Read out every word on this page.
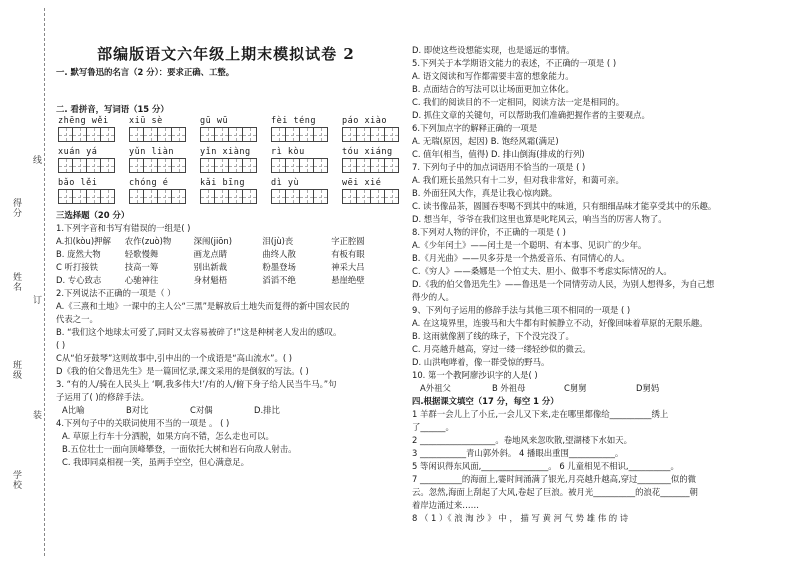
学校
班级
姓名
得分
线
订
装
部编版语文六年级上期末模拟试卷 2
一. 默写鲁迅的名言（2 分）：要求正确、工整。
二. 看拼音，写词语（15 分）
zhēng wěi	xiū sè	gū wū	fèi téng	páo xiào
xuán yá	yǔn liàn	yǐn xiàng	rì kòu	tóu xiáng
bǎo lěi	chóng é	kǎi bīng	dì yù	wēi xié
三选择题（20 分）
1.下列字音和书写有错误的一组是( )
A.扣(kòu)押解	农作(zuò)物	深闱(jiōn)	泪(jù)丧	字正腔圆
B. 庞然大物	轻歌慢舞	画龙点睛	曲终人散	有板有眼
C 听打接铁	技高一筹	别出新裁	粉墨登场	神采大吕
D. 专心致志	心驰神往	身材魁梧	滔滔不绝	悬崖绝壁
2.下列说法不正确的一项是（ ）
A.《三熹和土地》一课中的主人公“三黑”是解放后土地失而复得的新中国农民的
代表之一。
B. “我们这个地球太可爱了,同时又太容易被碎了!”这是种树老人发出的感叹。
( )
C从“伯牙鼓琴”这则故事中,引申出的一个成语是“高山流水”。( )
D《我的伯父鲁迅先生》是一篇回忆录,课文采用的是倒叙的写法。( )
3. “有的人/骑在人民头上 ‘啊,我多伟大!’/有的人/俯下身子给人民当牛马。”句
子运用了( )的修辞手法。
A比喻	B对比	C对偶	D.排比
4.下列句子中的关联词使用不当的一项是 。 ( )
A. 草原上行车十分洒脱，如果方向不错，怎么走也可以。
B.五位壮士一面向顶峰攀登，一面依托大树和岩石向敌人射击。
C. 我即同桌相视一笑，虽两手空空，但心满意足。
D. 即使这些设想能实现，也是遥远的事情。
5.下列关于本学期语文能力的表述，不正确的一项是 ( )
A. 语文阅读和写作都需要丰富的想象能力。
B. 点面结合的写法可以让场面更加立体化。
C. 我们的阅读目的不一定相同，阅读方法一定是相同的。
D. 抓住文章的关键句，可以帮助我们准确把握作者的主要观点。
6.下列加点字的解释正确的一项是
A. 无瑞(原因，起因) B. 饱经风霜(满足)
C. 值年(相当，值得) D. 排山倒海(排成的行列)
7. 下列句子中的加点词语用不恰当的一项是 ( )
A. 我们班长虽然只有十二岁，但对我非常好，和蔼可亲。
B. 外面狂风大作，真是让我心惊肉跳。
C. 读书像品茶，圆圆吞枣喝不到其中的味道，只有细细品味才能享受其中的乐趣。
D. 想当年，爷爷在我们这里也算是叱咤风云，响当当的厉害人物了。
8.下列对人物的评价，不正确的一项是 ( )
A.《少年闰土》——闰土是一个聪明、有本事、见识广的少年。
B.《月光曲》——贝多芬是一个热爱音乐、有同情心的人。
C.《穷人》——桑娜是一个怕丈夫、胆小、做事不考虑实际情况的人。
D.《我的伯父鲁迅先生》——鲁迅是一个同情劳动人民，为别人想得多，为自己想
得少的人。
9、下列句子运用的修辞手法与其他三项不相同的一项是 ( )
A. 在这境界里，连骏马和大牛都有时候静立不动，好像回味着草原的无限乐趣。
B. 这雨就像割了线的珠子，下个没完没了。
C. 月亮越升越高，穿过一缕一缕轻纱似的微云。
D. 山洪咆哮着，像一群受惊的野马。
10. 第一个教阿廖沙识字的人是( )
A外祖父	B 外祖母	C舅舅	D舅妈
四.根据课文填空（17 分，每空 1 分）
1 羊群一会儿上了小丘,一会儿又下来,走在哪里都像给__________绣上
了______。
2 __________________。卷地风来忽吹散,望湖楼下水如天。
3 ___________青山郭外斜。 4 播眼出重围___________。
5 等闲识得东风面,________________。 6 儿童相见不相识,__________。
7 __________的海面上,霎时间涌满了银光,月亮越升越高,穿过________似的微
云。忽然,海面上刮起了大风,卷起了巨浪。被月光__________的浪花_______朝
着岸边涌过来……
8 （ 1 ）《 浪 淘 沙 》 中 ， 描 写 黄 河 气 势 雄 伟 的 诗
